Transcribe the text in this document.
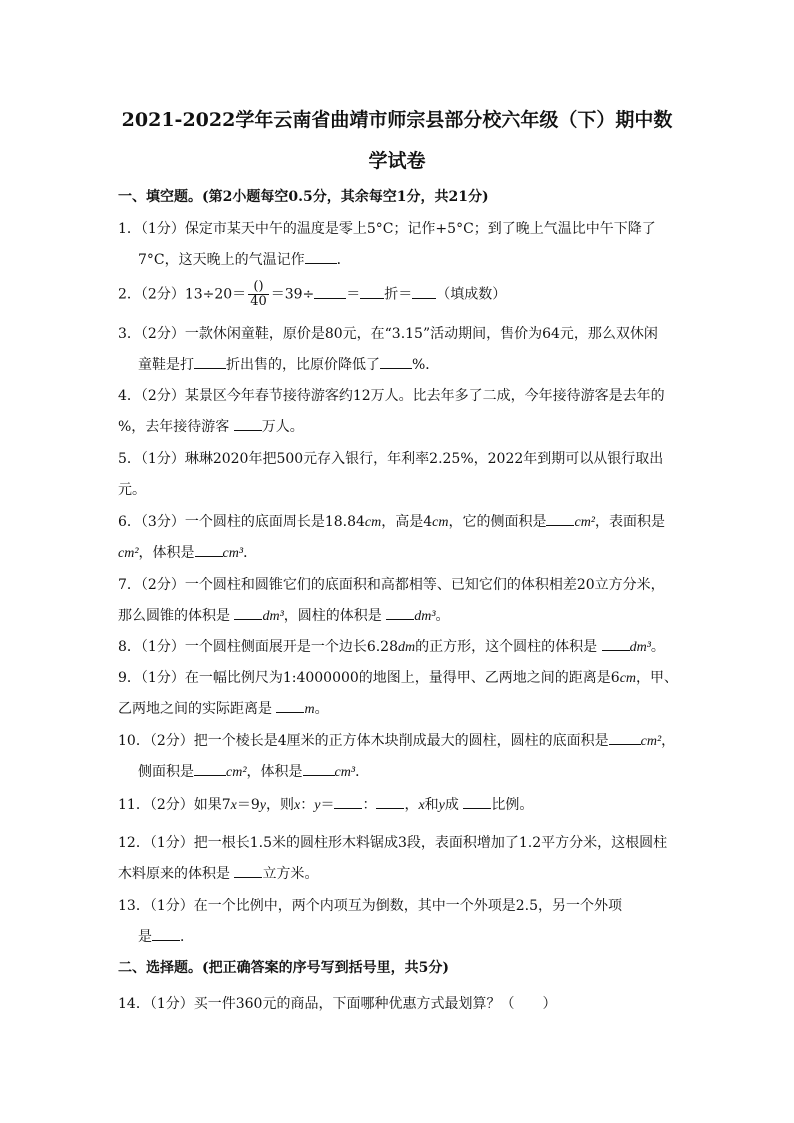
2021-2022学年云南省曲靖市师宗县部分校六年级（下）期中数
学试卷
一、填空题。(第2小题每空0.5分，其余每空1分，共21分)
1．（1分）保定市某天中午的温度是零上5°C；记作+5°C；到了晚上气温比中午下降了
7°C，这天晚上的气温记作 ．
2．（2分）$13\div 20= \frac{()}{40} =39\div$ ＝ 折＝ （填成数）
3．（2分）一款休闲童鞋，原价是80元，在“3.15”活动期间，售价为64元，那么双休闲
童鞋是打 折出售的，比原价降低了 %．
4．（2分）某景区今年春节接待游客约12万人。比去年多了二成，今年接待游客是去年的
%，去年接待游客 万人。
5．（1分）琳琳2020年把500元存入银行，年利率2.25%，2022年到期可以从银行取出
元。
6．（3分）一个圆柱的底面周长是18.84cm，高是4cm，它的侧面积是 cm²，表面积是
cm²，体积是 cm³．
7．（2分）一个圆柱和圆锥它们的底面积和高都相等、已知它们的体积相差20立方分米，
那么圆锥的体积是 dm³，圆柱的体积是 dm³。
8．（1分）一个圆柱侧面展开是一个边长6.28dm的正方形，这个圆柱的体积是 dm³。
9．（1分）在一幅比例尺为1:4000000的地图上，量得甲、乙两地之间的距离是6cm，甲、
乙两地之间的实际距离是 m。
10．（2分）把一个棱长是4厘米的正方体木块削成最大的圆柱，圆柱的底面积是 cm²，
侧面积是 cm²，体积是 cm³．
11．（2分）如果7x＝9y，则x：y＝ ： ，x和y成 比例。
12．（1分）把一根长1.5米的圆柱形木料锯成3段，表面积增加了1.2平方分米，这根圆柱
木料原来的体积是 立方米。
13．（1分）在一个比例中，两个内项互为倒数，其中一个外项是2.5，另一个外项
是 ．
二、选择题。(把正确答案的序号写到括号里，共5分)
14．（1分）买一件360元的商品，下面哪种优惠方式最划算？（　　）
